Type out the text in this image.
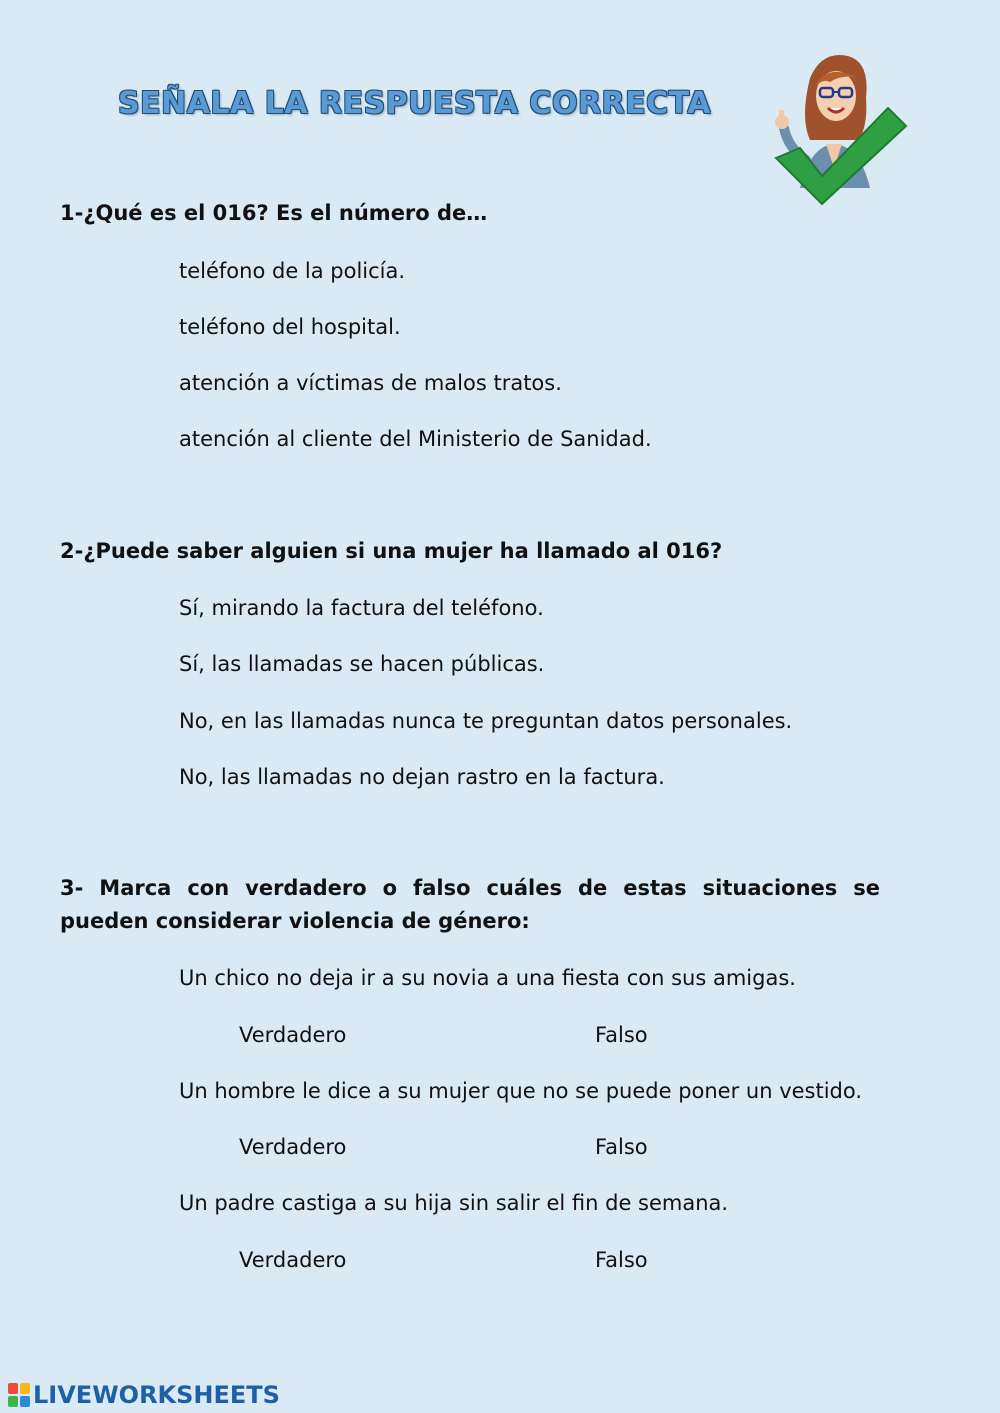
SEÑALA LA RESPUESTA CORRECTA
1-¿Qué es el 016? Es el número de…
teléfono de la policía.
teléfono del hospital.
atención a víctimas de malos tratos.
atención al cliente del Ministerio de Sanidad.
2-¿Puede saber alguien si una mujer ha llamado al 016?
Sí, mirando la factura del teléfono.
Sí, las llamadas se hacen públicas.
No, en las llamadas nunca te preguntan datos personales.
No, las llamadas no dejan rastro en la factura.
3- Marca con verdadero o falso cuáles de estas situaciones se pueden considerar violencia de género:
Un chico no deja ir a su novia a una fiesta con sus amigas.
Verdadero	Falso
Un hombre le dice a su mujer que no se puede poner un vestido.
Verdadero	Falso
Un padre castiga a su hija sin salir el fin de semana.
Verdadero	Falso
LIVEWORKSHEETS
